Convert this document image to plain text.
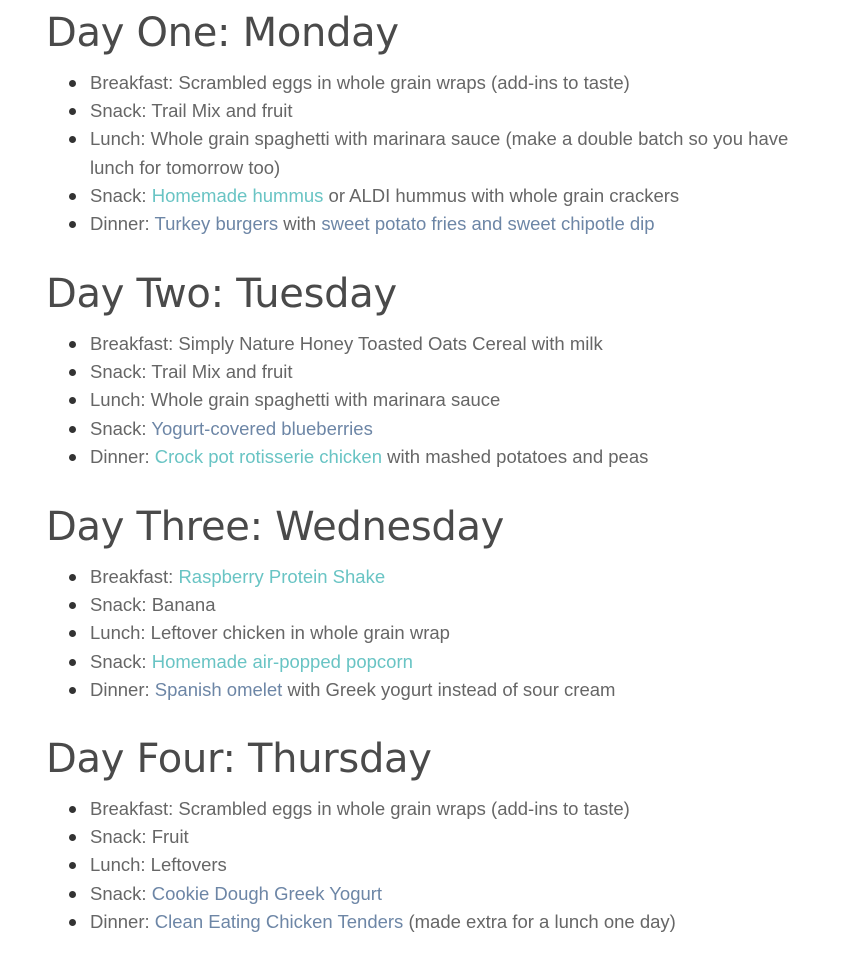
Day One: Monday
Breakfast: Scrambled eggs in whole grain wraps (add-ins to taste)
Snack: Trail Mix and fruit
Lunch: Whole grain spaghetti with marinara sauce (make a double batch so you have lunch for tomorrow too)
Snack: Homemade hummus or ALDI hummus with whole grain crackers
Dinner: Turkey burgers with sweet potato fries and sweet chipotle dip
Day Two: Tuesday
Breakfast: Simply Nature Honey Toasted Oats Cereal with milk
Snack: Trail Mix and fruit
Lunch: Whole grain spaghetti with marinara sauce
Snack: Yogurt-covered blueberries
Dinner: Crock pot rotisserie chicken with mashed potatoes and peas
Day Three: Wednesday
Breakfast: Raspberry Protein Shake
Snack: Banana
Lunch: Leftover chicken in whole grain wrap
Snack: Homemade air-popped popcorn
Dinner: Spanish omelet with Greek yogurt instead of sour cream
Day Four: Thursday
Breakfast: Scrambled eggs in whole grain wraps (add-ins to taste)
Snack: Fruit
Lunch: Leftovers
Snack: Cookie Dough Greek Yogurt
Dinner: Clean Eating Chicken Tenders (made extra for a lunch one day)
